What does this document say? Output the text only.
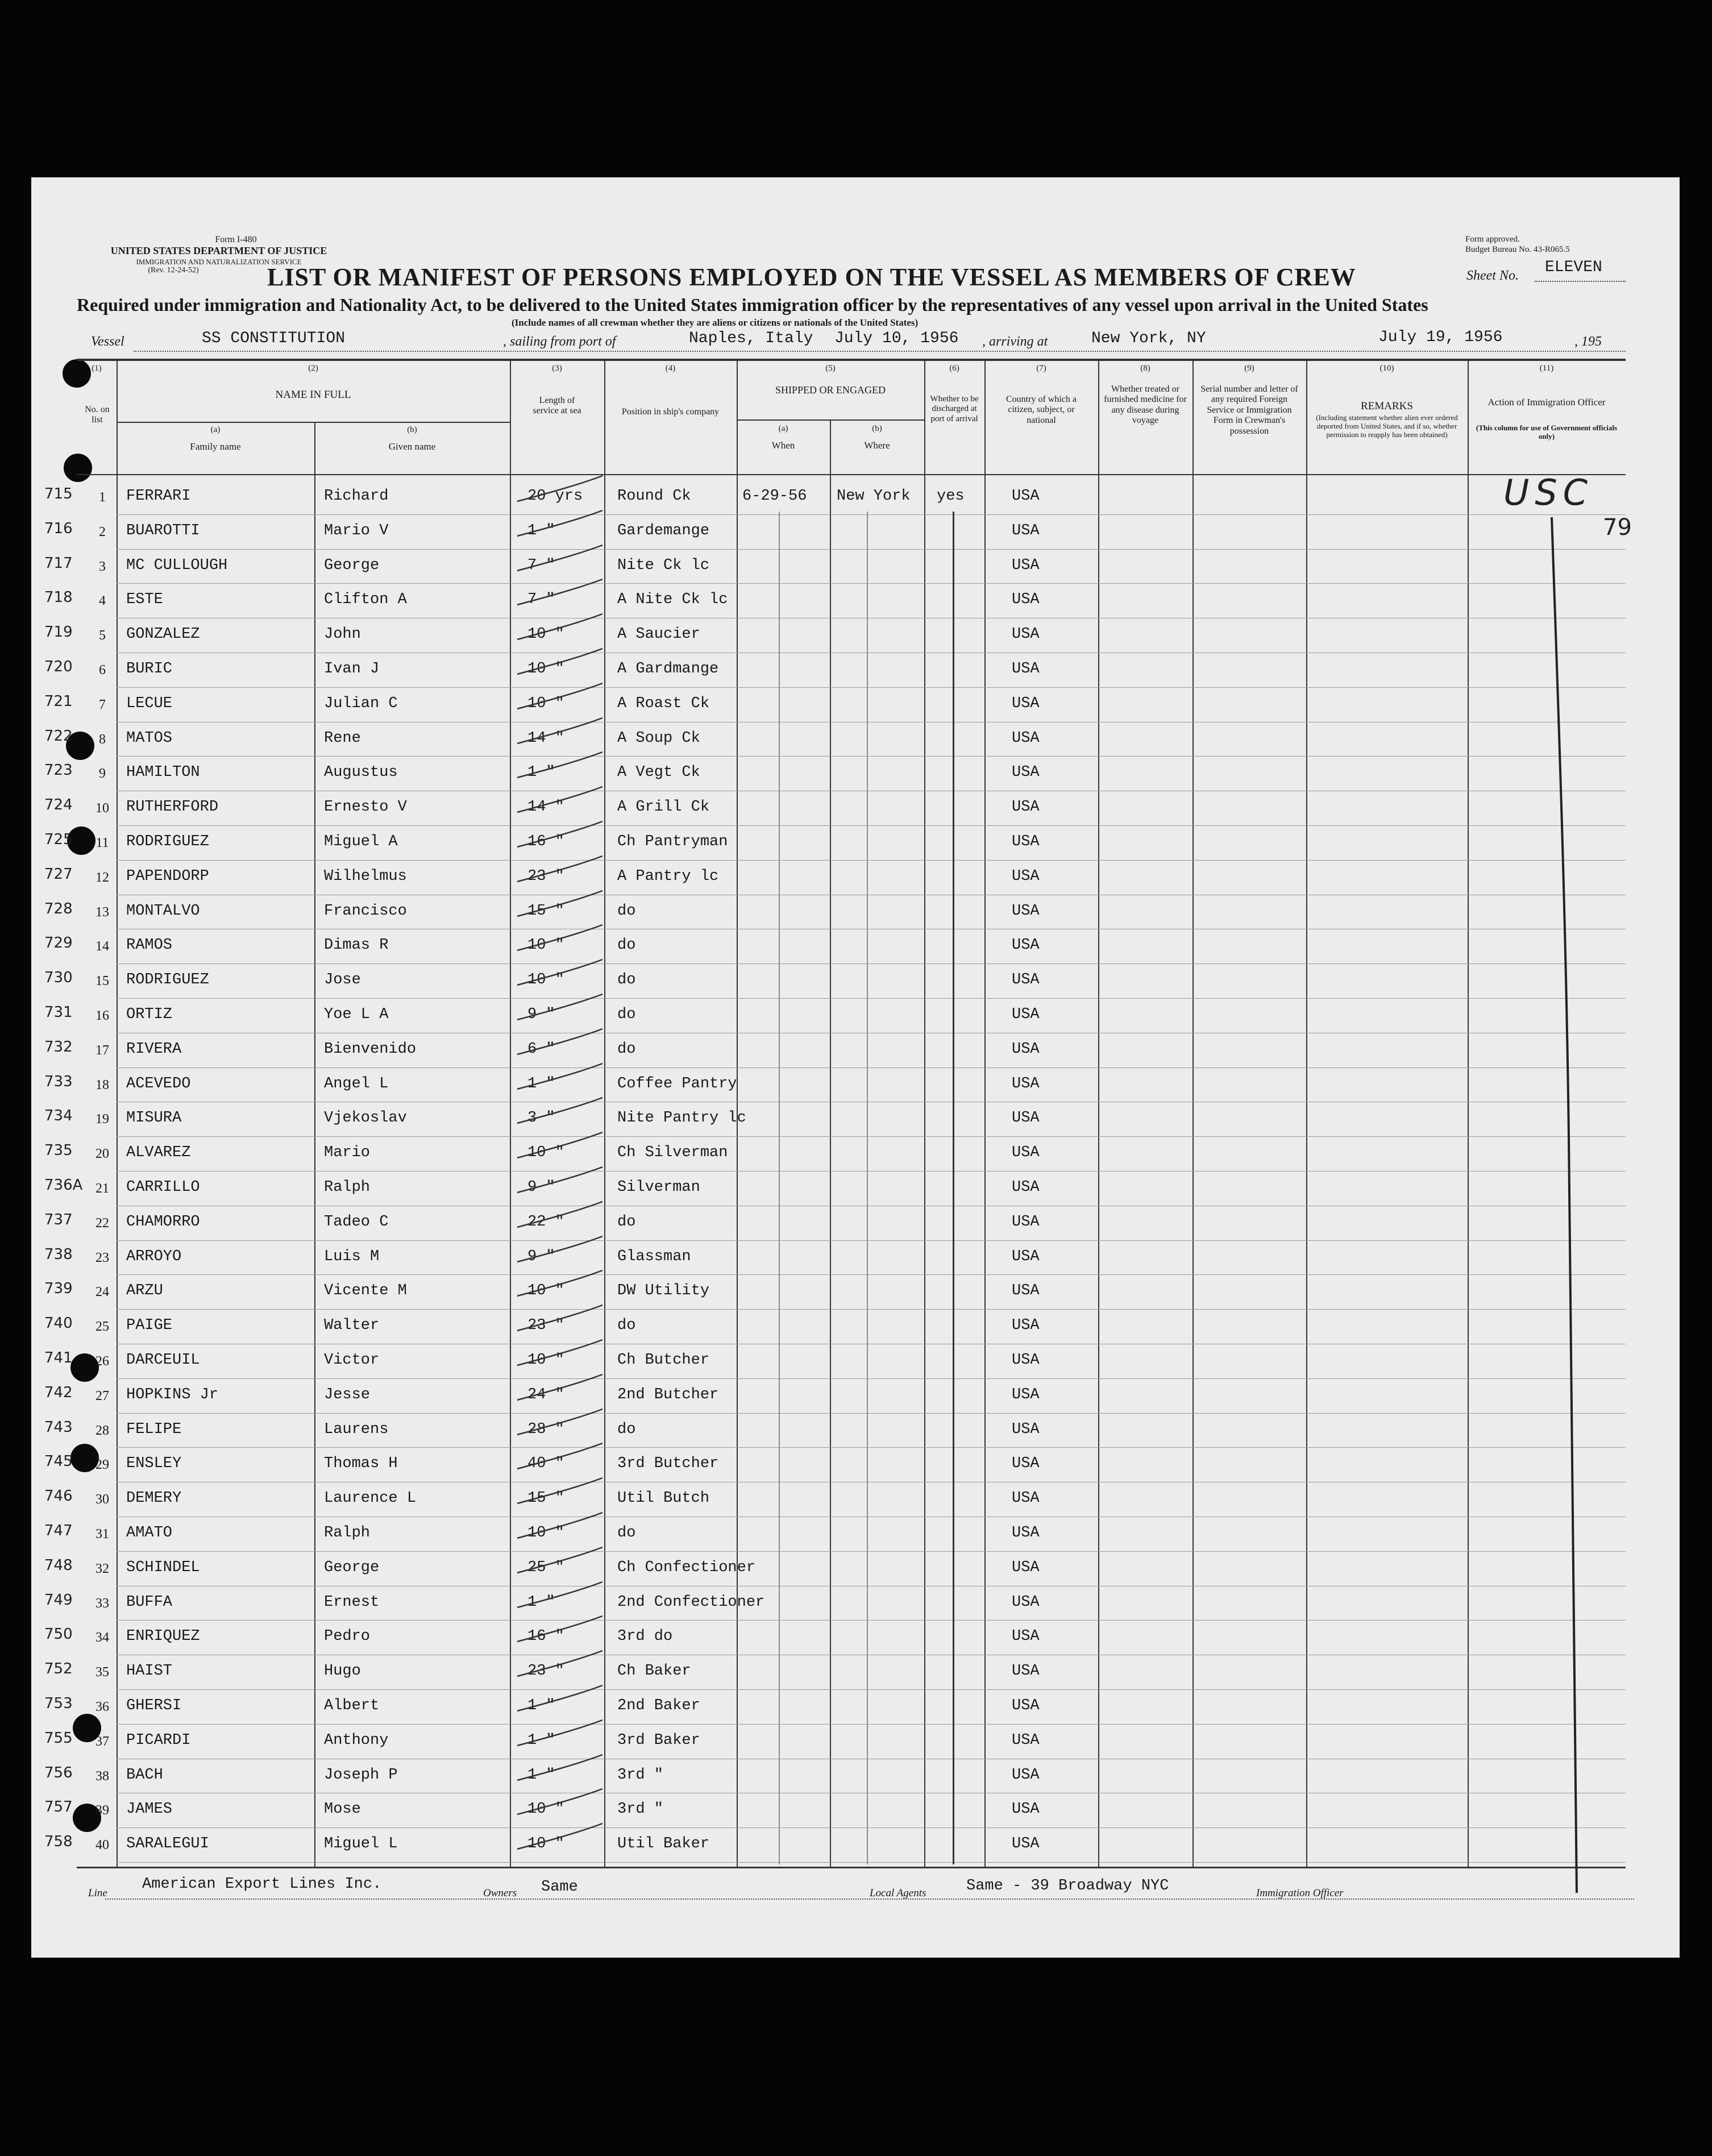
Form I-480
UNITED STATES DEPARTMENT OF JUSTICE
IMMIGRATION AND NATURALIZATION SERVICE
(Rev. 12-24-52)
Form approved.
Budget Bureau No. 43-R065.5
LIST OR MANIFEST OF PERSONS EMPLOYED ON THE VESSEL AS MEMBERS OF CREW	Sheet No. ELEVEN
Required under immigration and Nationality Act, to be delivered to the United States immigration officer by the representatives of any vessel upon arrival in the United States
(Include names of all crewman whether they are aliens or citizens or nationals of the United States)
Vessel	SS CONSTITUTION	, sailing from port of	Naples, Italy July 10, 1956 , arriving at	New York, NY	July 19, 1956	, 195
(1)
No. on list
(2)
NAME IN FULL
(a)
Family name
(b)
Given name
(3)
Length of service at sea
(4)
Position in ship's company
(5)
SHIPPED OR ENGAGED
(a)
When
(b)
Where
(6)
Whether to be discharged at port of arrival
(7)
Country of which a citizen, subject, or national
(8)
Whether treated or furnished medicine for any disease during voyage
(9)
Serial number and letter of any required Foreign Service or Immigration Form in Crewman's possession
(10)
REMARKS
(Including statement whether alien ever ordered deported from United States, and if so, whether permission to reapply has been obtained)
(11)
Action of Immigration Officer
(This column for use of Government officials only)
715	1	FERRARI	Richard	20 yrs Round Ck	6-29-56 New York yes	USA
716	2	BUAROTTI	Mario V	1 "	Gardemange	USA
717	3	MC CULLOUGH	George	7 "	Nite Ck lc	USA
718	4	ESTE	Clifton A	7 "	A Nite Ck lc	USA
719	5	GONZALEZ	John	10 "	A Saucier	USA
720	6	BURIC	Ivan J	10 "	A Gardmange	USA
721	7	LECUE	Julian C	10 "	A Roast Ck	USA
722	8	MATOS	Rene	14 "	A Soup Ck	USA
723	9	HAMILTON	Augustus	1 "	A Vegt Ck	USA
724	10 RUTHERFORD	Ernesto V	14 "	A Grill Ck	USA
725	11	RODRIGUEZ	Miguel A	16 "	Ch Pantryman	USA
727	12 PAPENDORP	Wilhelmus	23 "	A Pantry lc	USA
728	13 MONTALVO	Francisco	15 "	do	USA
729	14 RAMOS	Dimas R	10 "	do	USA
730	15 RODRIGUEZ	Jose	10 "	do	USA
731	16 ORTIZ	Yoe L A	9 "	do	USA
732	17 RIVERA	Bienvenido	6 "	do	USA
733	18 ACEVEDO	Angel L	1 "	Coffee Pantry	USA
734	19 MISURA	Vjekoslav	3 "	Nite Pantry lc	USA
735	20 ALVAREZ	Mario	10 "	Ch Silverman	USA
736A 21 CARRILLO	Ralph	9 "	Silverman	USA
737	22 CHAMORRO	Tadeo C	22 "	do	USA
738	23 ARROYO	Luis M	9 "	Glassman	USA
739	24 ARZU	Vicente M	10 "	DW Utility	USA
740	25 PAIGE	Walter	23 "	do	USA
741	26 DARCEUIL	Victor	10 "	Ch Butcher	USA
742	27 HOPKINS Jr	Jesse	24 "	2nd Butcher	USA
743	28 FELIPE	Laurens	28 "	do	USA
745	29 ENSLEY	Thomas H	40 "	3rd Butcher	USA
746	30 DEMERY	Laurence L	15 "	Util Butch	USA
747	31 AMATO	Ralph	10 "	do	USA
748	32 SCHINDEL	George	25 "	Ch Confectioner	USA
749	33 BUFFA	Ernest	1 "	2nd Confectioner	USA
750	34 ENRIQUEZ	Pedro	16 "	3rd do	USA
752	35 HAIST	Hugo	23 "	Ch Baker	USA
753	36 GHERSI	Albert	1 "	2nd Baker	USA
755	37 PICARDI	Anthony	1 "	3rd Baker	USA
756	38 BACH	Joseph P	1 "	3rd "	USA
757	39 JAMES	Mose	10 "	3rd "	USA
758	40 SARALEGUI	Miguel L	10 "	Util Baker	USA
USC
79
Line
American Export Lines Inc.
Owners Same	Local Agents	Same - 39 Broadway NYC	Immigration Officer
